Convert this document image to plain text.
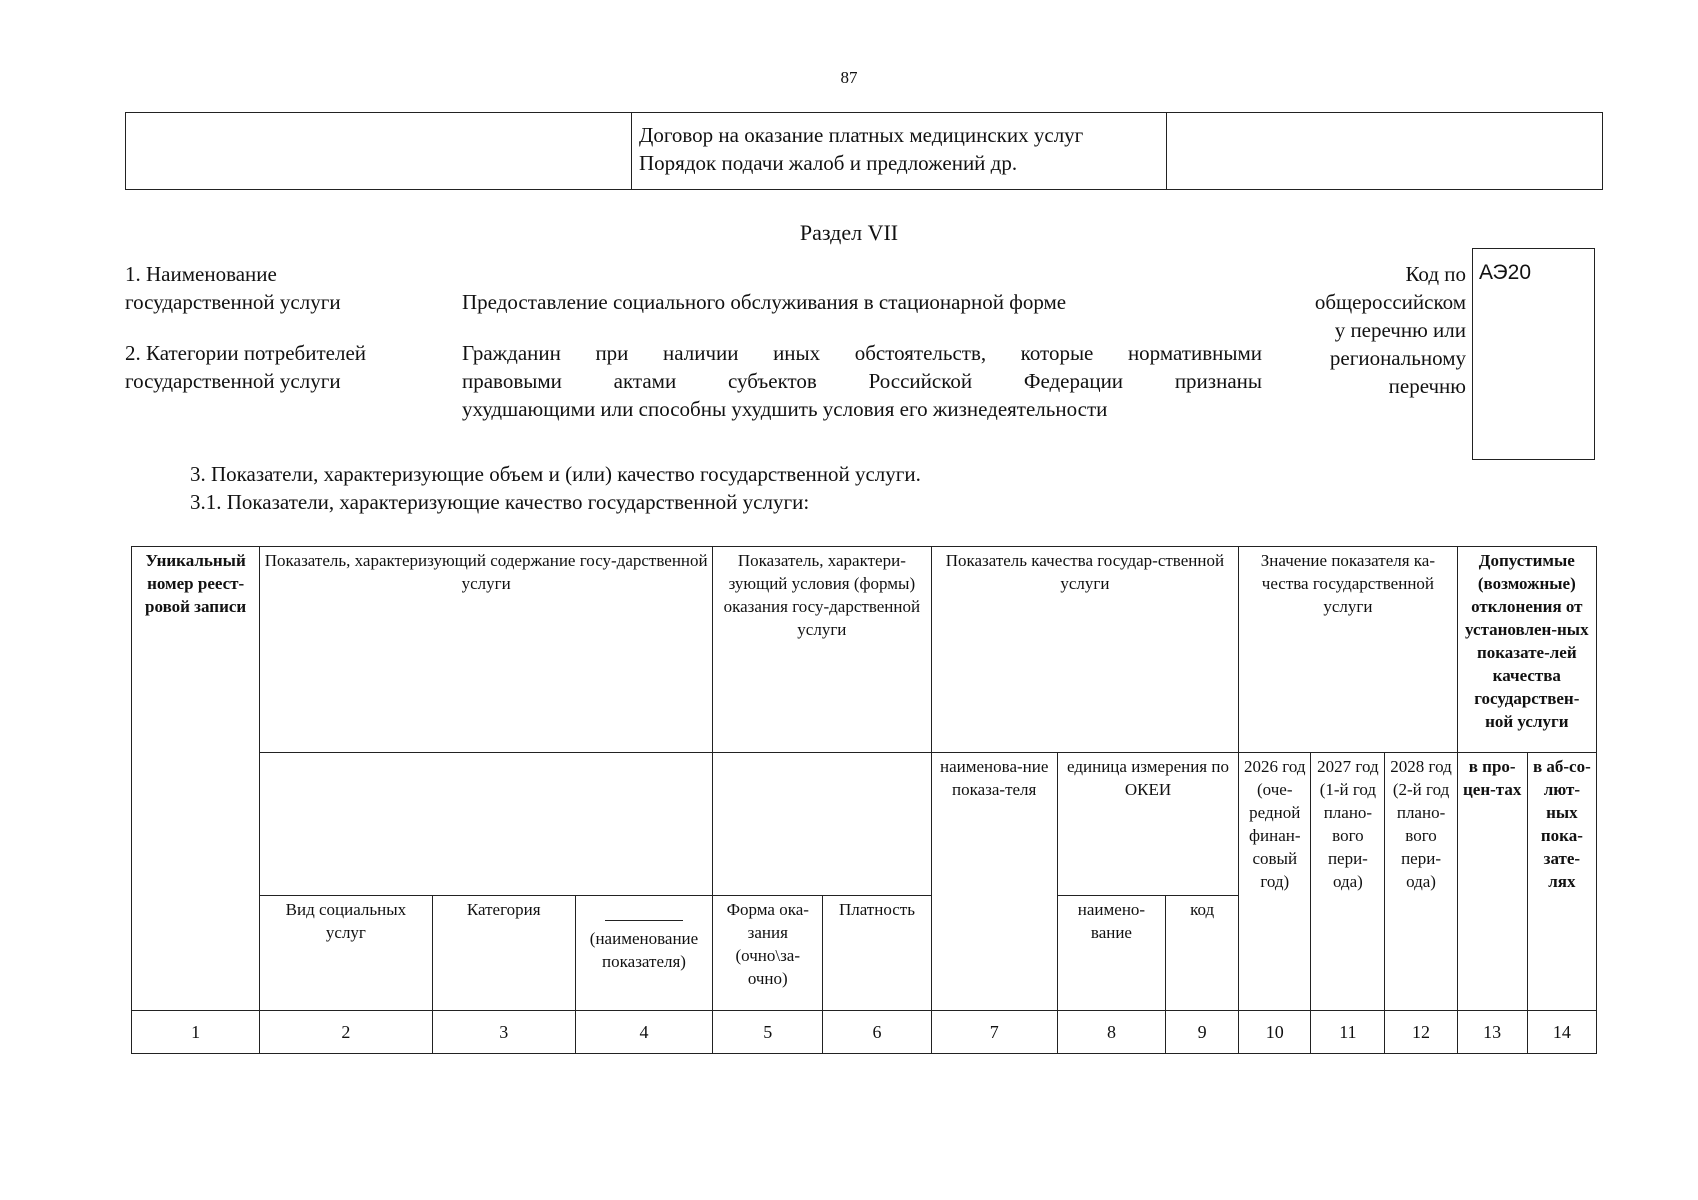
87

Договор на оказание платных медицинских услуг
Порядок подачи жалоб и предложений др.

Раздел VII
1. Наименование
государственной услуги	Предоставление социального обслуживания в стационарной форме
2. Категории потребителей
государственной услуги
Гражданин при наличии иных обстоятельств, которые нормативными
правовыми актами субъектов Российской Федерации признаны
ухудшающими или способны ухудшить условия его жизнедеятельности
Код по
общероссийском
у перечню или
региональному
перечню
АЭ20
3. Показатели, характеризующие объем и (или) качество государственной услуги.
3.1. Показатели, характеризующие качество государственной услуги:
Уникальный номер реест-ровой записи	Показатель, характеризующий содержание госу-дарственной услуги			Показатель, характери-зующий условия (формы) оказания госу-дарственной услуги		Показатель качества государ-ственной услуги			Значение показателя ка-чества государственной услуги			Допустимые (возможные) отклонения от установлен-ных показате-лей качества государствен-ной услуги	
						наименова-ние показа-теля	единица измерения по ОКЕИ		2026 год (оче-редной финан-совый год)	2027 год (1-й год плано-вого пери-ода)	2028 год (2-й год плано-вого пери-ода)	в про-цен-тах	в аб-со-лют-ных пока-зате-лях
	Вид социальных услуг	Категория	(наименование показателя)	Форма ока-зания (очно\за-очно)	Платность		наимено-вание	код					
1	2	3	4	5	6	7	8	9	10	11	12	13	14
